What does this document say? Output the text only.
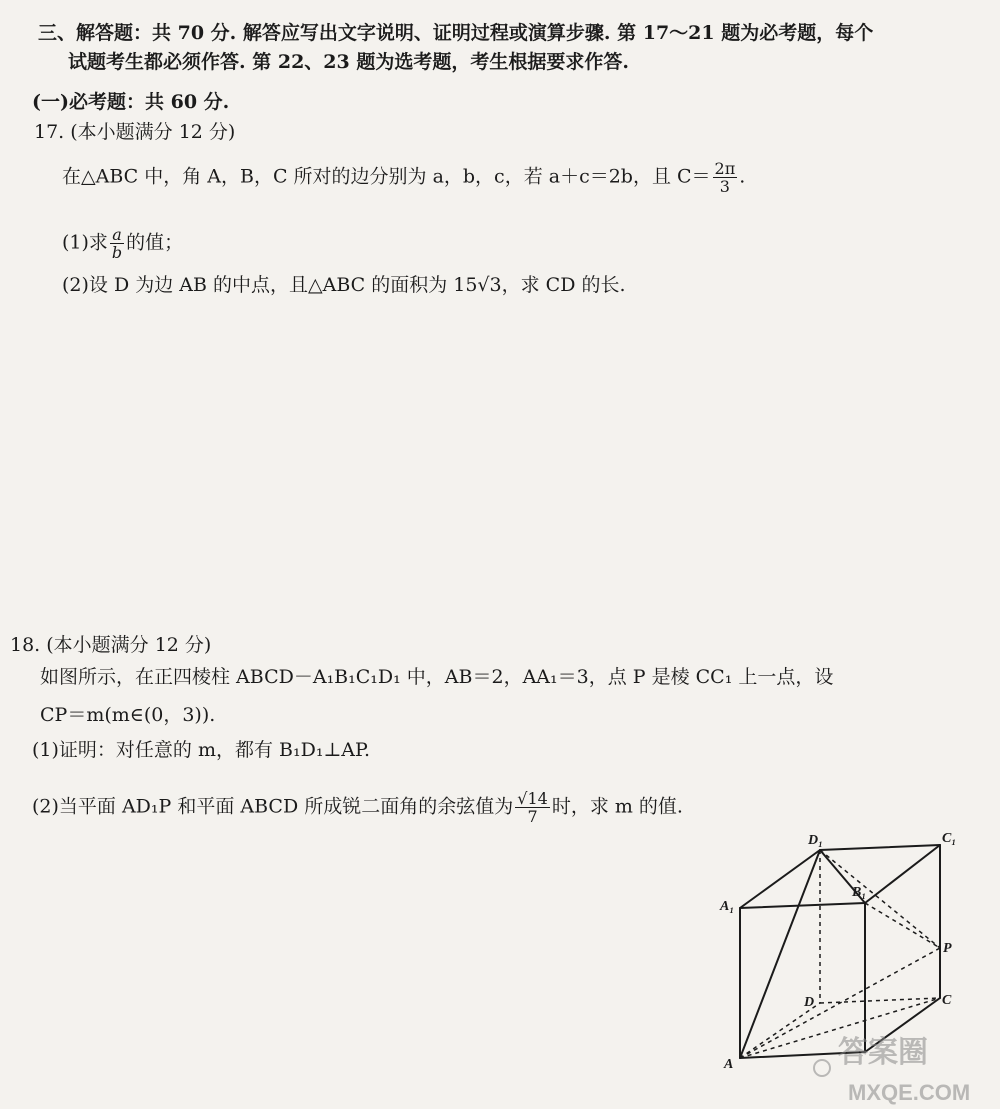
三、解答题：共 70 分. 解答应写出文字说明、证明过程或演算步骤. 第 17～21 题为必考题，每个
试题考生都必须作答. 第 22、23 题为选考题，考生根据要求作答.
(一)必考题：共 60 分.
17. (本小题满分 12 分)
在△ABC 中，角 A，B，C 所对的边分别为 a，b，c，若 a＋c＝2b，且 $C= \frac{2\pi}{3}$ .
(1)求 $\frac{a}{b}$ 的值；
(2)设 D 为边 AB 的中点，且△ABC 的面积为 15√3，求 CD 的长.
18. (本小题满分 12 分)
如图所示，在正四棱柱 ABCD－A₁B₁C₁D₁ 中，AB＝2，AA₁＝3，点 P 是棱 CC₁ 上一点，设
CP＝m(m∈(0，3)).
(1)证明：对任意的 m，都有 B₁D₁⊥AP.
(2)当平面 AD₁P 和平面 ABCD 所成锐二面角的余弦值为 $\frac{√14}{7}$ 时，求 m 的值.
D₁	C₁
B₁
A₁
P
D	C
A	答案圈
MXQE.COM
